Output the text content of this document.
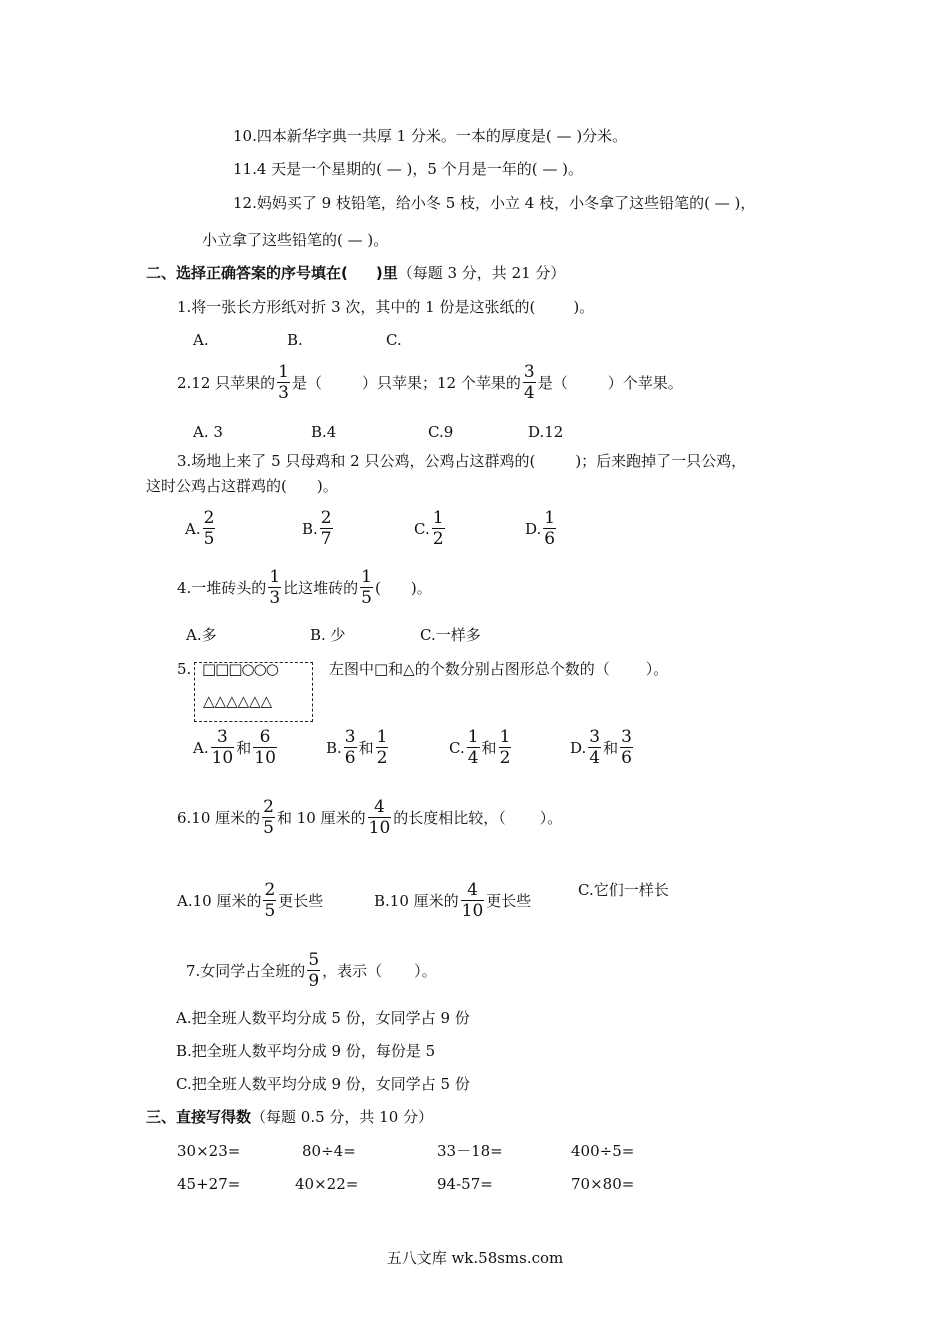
10.四本新华字典一共厚 1 分米。一本的厚度是( — )分米。
11.4 天是一个星期的( — )，5 个月是一年的( — )。
12.妈妈买了 9 枝铅笔，给小冬 5 枝，小立 4 枝，小冬拿了这些铅笔的( — )，
小立拿了这些铅笔的( — )。
二、选择正确答案的序号填在( )里（每题 3 分，共 21 分）
1.将一张长方形纸对折 3 次，其中的 1 份是这张纸的(	)。
A.	B.	C.
2.12 只苹果的 $\frac{1}{3}$ 是（	）只苹果；12 个苹果的 $\frac{3}{4}$ 是（	）个苹果。
A. 3	B.4	C.9	D.12
3.场地上来了 5 只母鸡和 2 只公鸡，公鸡占这群鸡的(	)；后来跑掉了一只公鸡，
这时公鸡占这群鸡的( )。
A. $\frac{2}{5}$	B. $\frac{2}{7}$	C. $\frac{1}{2}$	D. $\frac{1}{6}$
4.一堆砖头的 $\frac{1}{3}$ 比这堆砖的 $\frac{1}{5}$ ( )。
A.多	B. 少	C.一样多
5. □□□○○○
△△△△△△
左图中□和△的个数分别占图形总个数的（ ）。
A. $\frac{3}{10}$ 和 $\frac{6}{10}$	B. $\frac{3}{6}$ 和 $\frac{1}{2}$	C. $\frac{1}{4}$ 和 $\frac{1}{2}$	D. $\frac{3}{4}$ 和 $\frac{3}{6}$
6.10 厘米的 $\frac{2}{5}$ 和 10 厘米的 $\frac{4}{10}$ 的长度相比较，（ ）。
A.10 厘米的 $\frac{2}{5}$ 更长些	B.10 厘米的 $\frac{4}{10}$ 更长些
C.它们一样长
7.女同学占全班的 $\frac{5}{9}$ ，表示（ ）。
A.把全班人数平均分成 5 份，女同学占 9 份
B.把全班人数平均分成 9 份，每份是 5
C.把全班人数平均分成 9 份，女同学占 5 份
三、直接写得数（每题 0.5 分，共 10 分）
30×23=	80÷4=	33－18=	400÷5=
45+27=	40×22=	94-57=	70×80=
五八文库 wk.58sms.com
